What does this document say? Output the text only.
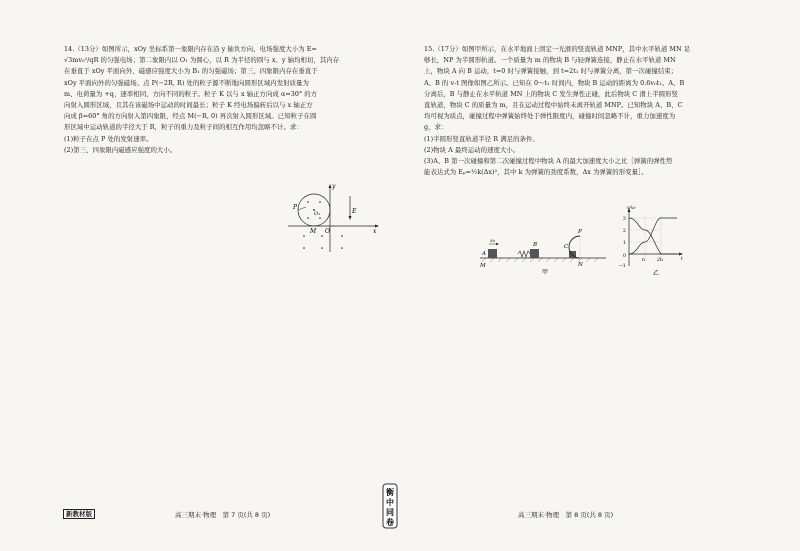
14.（13分）如图所示，xOy 坐标系第一象限内存在沿 y 轴负方向、电场强度大小为 E=

√3mv₀²/qR 的匀强电场；第二象限内以 O₁ 为圆心，以 R 为半径的圆与 x、y 轴均相切，其内存

在垂直于 xOy 平面向外、磁感应强度大小为 B₁ 的匀强磁场；第三、四象限内存在垂直于

xOy 平面向外的匀强磁场。点 P(−2R, R) 处的粒子源不断地向圆形区域内发射质量为

m、电荷量为 +q、速率相同、方向不同的粒子。粒子 K 以与 x 轴正方向成 α=30° 的方

向射入圆形区域，且其在该磁场中运动的时间最长；粒子 K 经电场偏转后以与 x 轴正方

向成 β=60° 角的方向射入第四象限，经点 M(−R, 0) 再次射入圆形区域。已知粒子在圆

形区域中运动轨道的半径大于 R，粒子的重力及粒子间的相互作用均忽略不计。求：

(1)粒子在点 P 处的发射速率。

(2)第三、四象限内磁感应强度的大小。

P
O₁
y
x
O
M
E

15.（17分）如图甲所示，在水平地面上固定一光滑的竖直轨道 MNP，其中水平轨道 MN 足

够长，NP 为半圆形轨道。一个质量为 m 的物块 B 与轻弹簧连接，静止在水平轨道 MN

上，物块 A 向 B 运动，t=0 时与弹簧接触，到 t=2t₁ 时与弹簧分离，第一次碰撞结束；

A、B 的 v-t 图像如图乙所示。已知在 0～t₁ 时间内，物块 B 运动的距离为 0.6v₀t₁。A、B

分离后，B 与静止在水平轨道 MN 上的物块 C 发生弹性正碰，此后物块 C 滑上半圆形竖

直轨道，物块 C 的质量为 m，且在运动过程中始终未离开轨道 MNP。已知物块 A、B、C

均可视为质点，碰撞过程中弹簧始终处于弹性限度内，碰撞时间忽略不计，重力加速度为

g，求：

(1)半圆形竖直轨道半径 R 满足的条件。

(2)物块 A 最终运动的速度大小。

(3)A、B 第一次碰撞和第二次碰撞过程中物块 A 的最大加速度大小之比［弹簧的弹性势

能表达式为 Eₚ=½k(Δx)²，其中 k 为弹簧的劲度系数，Δx 为弹簧的形变量］。

v₀
A
M
B	C
P
N
甲
v/v₀
3
2
1
0
−1
t₁	2t₁	t
乙
新教材版	高三期末·物理　第 7 页(共 8 页)	高三期末·物理　第 8 页(共 8 页)
衡
中
同
卷
